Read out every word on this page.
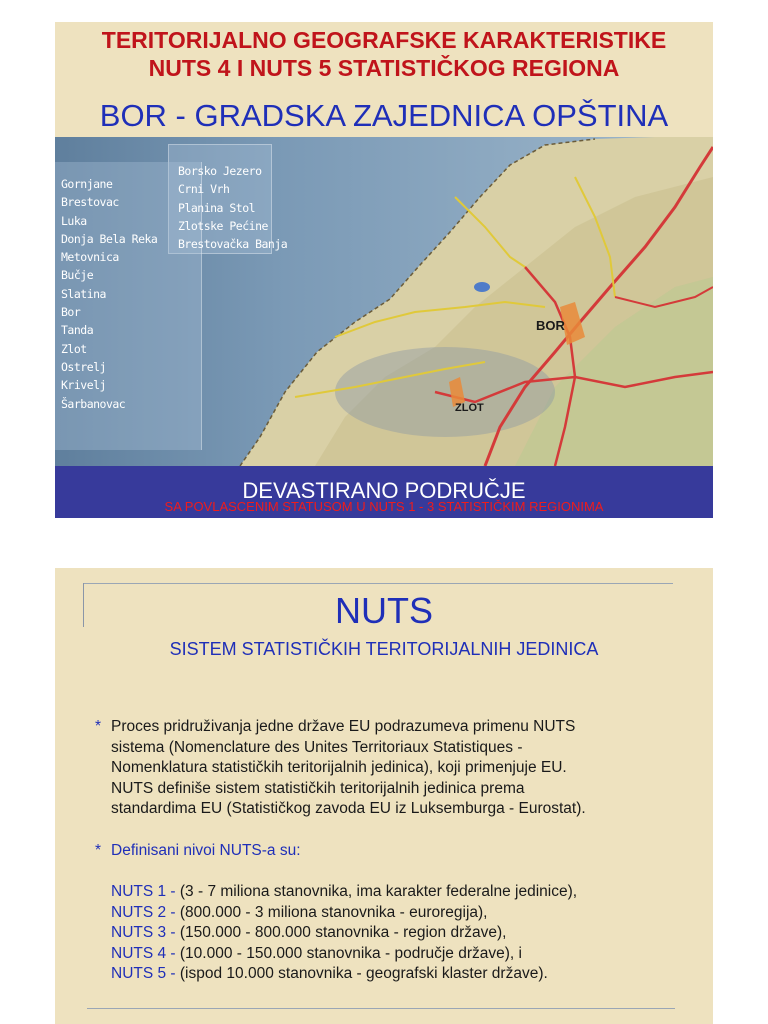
TERITORIJALNO GEOGRAFSKE KARAKTERISTIKE
NUTS 4 I NUTS 5 STATISTIČKOG REGIONA
BOR - GRADSKA ZAJEDNICA OPŠTINA
Gornjane
Brestovac
Luka
Donja Bela Reka
Metovnica
Bučje
Slatina
Bor
Tanda
Zlot
Ostrelj
Krivelj
Šarbanovac
Borsko Jezero
Crni Vrh
Planina Stol
Zlotske Pećine
Brestovačka Banja
BOR
ZLOT
DEVASTIRANO PODRUČJE
SA POVLASCENIM STATUSOM U NUTS 1 - 3 STATISTIČKIM REGIONIMA
NUTS
SISTEM STATISTIČKIH TERITORIJALNIH JEDINICA

* Proces pridruživanja jedne države EU podrazumeva primenu NUTS

sistema (Nomenclature des Unites Territoriaux Statistiques -

Nomenklatura statističkih teritorijalnih jedinica), koji primenjuje EU.

NUTS definiše sistem statističkih teritorijalnih jedinica prema

standardima EU (Statističkog zavoda EU iz Luksemburga - Eurostat).

* Definisani nivoi NUTS-a su:
NUTS 1 - (3 - 7 miliona stanovnika, ima karakter federalne jedinice),
NUTS 2 - (800.000 - 3 miliona stanovnika - euroregija),
NUTS 3 - (150.000 - 800.000 stanovnika - region države),
NUTS 4 - (10.000 - 150.000 stanovnika - područje države), i
NUTS 5 - (ispod 10.000 stanovnika - geografski klaster države).
